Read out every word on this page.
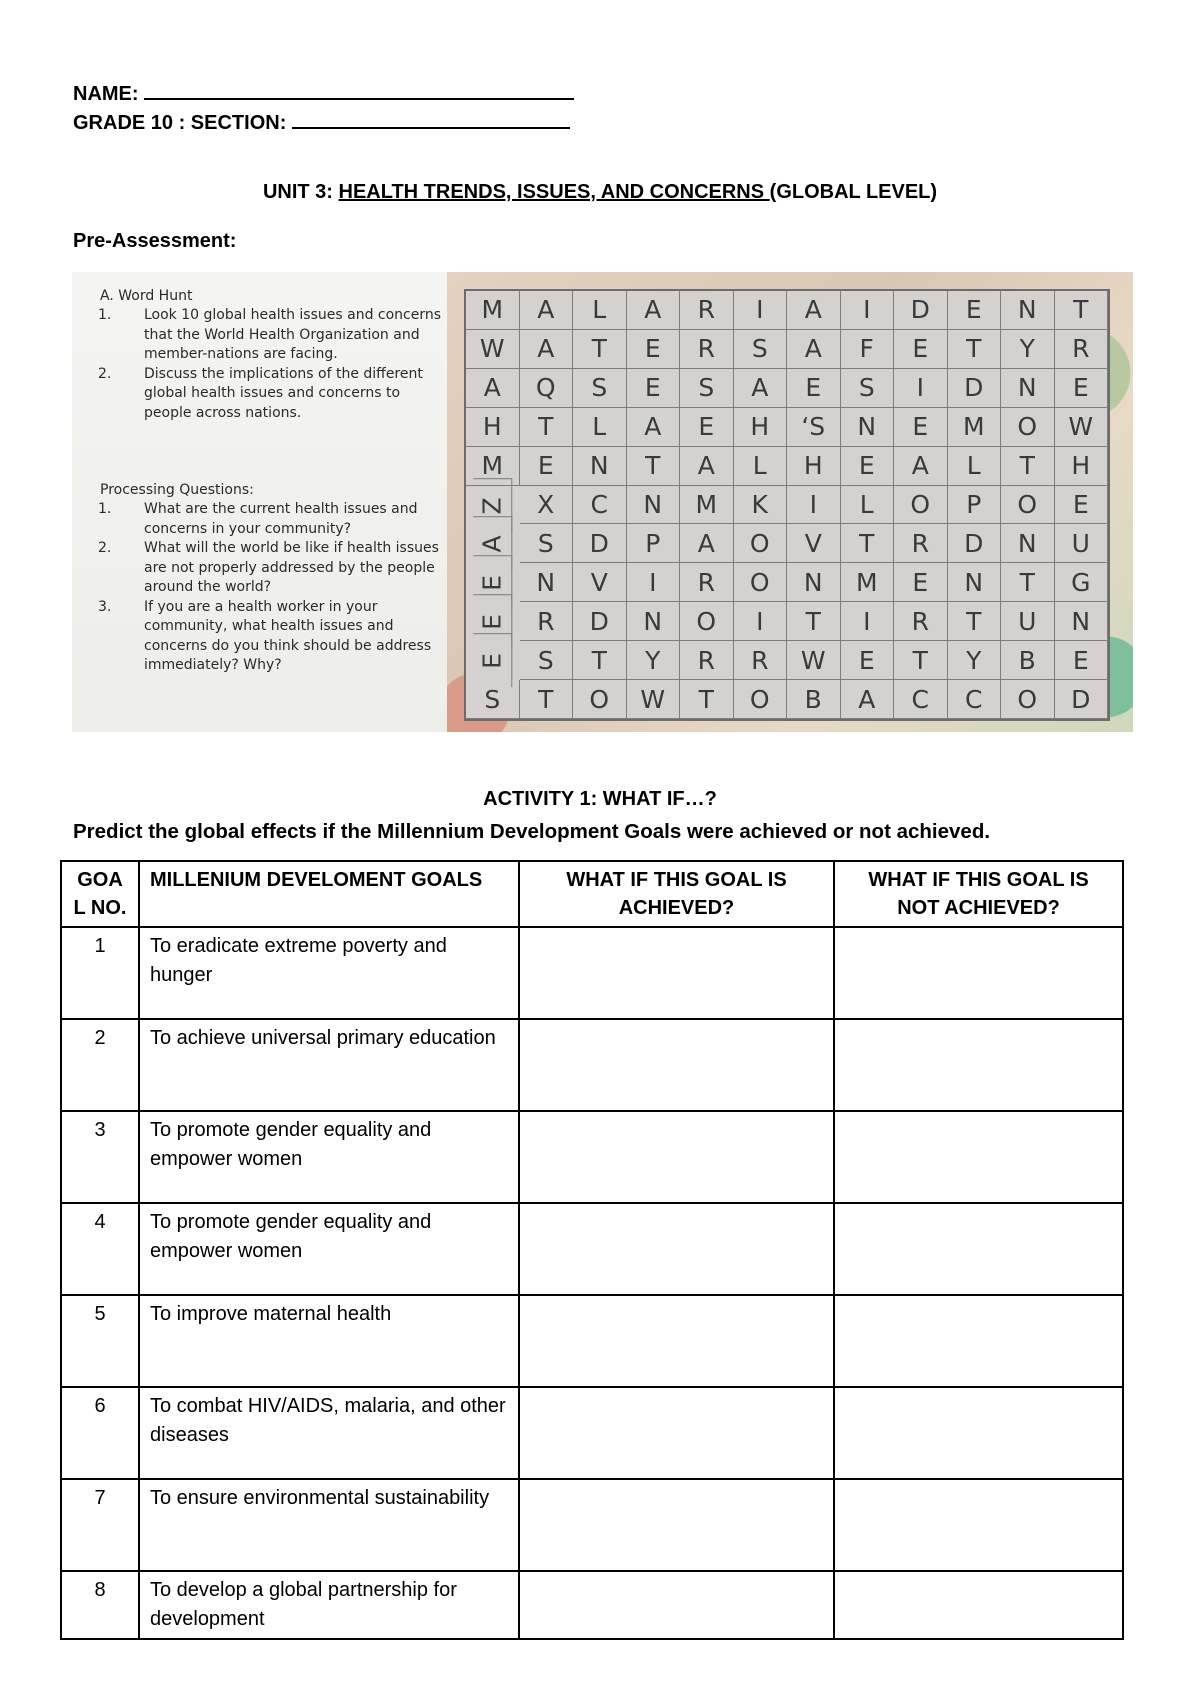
NAME:
GRADE 10 : SECTION:
UNIT 3: HEALTH TRENDS, ISSUES, AND CONCERNS (GLOBAL LEVEL)
Pre-Assessment:
A. Word Hunt
1. Look 10 global health issues and concerns that the World Health Organization and member-nations are facing.
2. Discuss the implications of the different global health issues and concerns to people across nations.
Processing Questions:
1. What are the current health issues and concerns in your community?
2. What will the world be like if health issues are not properly addressed by the people around the world?
3. If you are a health worker in your community, what health issues and concerns do you think should be address immediately? Why?
M	A	L	A	R	I	A	I	D	E	N	T
W	A	T	E	R	S	A	F	E	T	Y	R
A	Q	S	E	S	A	E	S	I	D	N	E
H	T	L	A	E	H	‘S	N	E	M	O	W
M	E	N	T	A	L	H	E	A	L	T	H
Z	X	C	N	M	K	I	L	O	P	O	E
A	S	D	P	A	O	V	T	R	D	N	U
E	N	V	I	R	O	N	M	E	N	T	G
E	R	D	N	O	I	T	I	R	T	U	N
E	S	T	Y	R	R	W	E	T	Y	B	E
S	T	O	W	T	O	B	A	C	C	O	D
ACTIVITY 1: WHAT IF…?
Predict the global effects if the Millennium Development Goals were achieved or not achieved.
GOA L NO.	MILLENIUM DEVELOMENT GOALS	WHAT IF THIS GOAL IS ACHIEVED?	WHAT IF THIS GOAL IS NOT ACHIEVED?
1	To eradicate extreme poverty and hunger		
2	To achieve universal primary education		
3	To promote gender equality and empower women		
4	To promote gender equality and empower women		
5	To improve maternal health		
6	To combat HIV/AIDS, malaria, and other diseases		
7	To ensure environmental sustainability		
8	To develop a global partnership for development		
